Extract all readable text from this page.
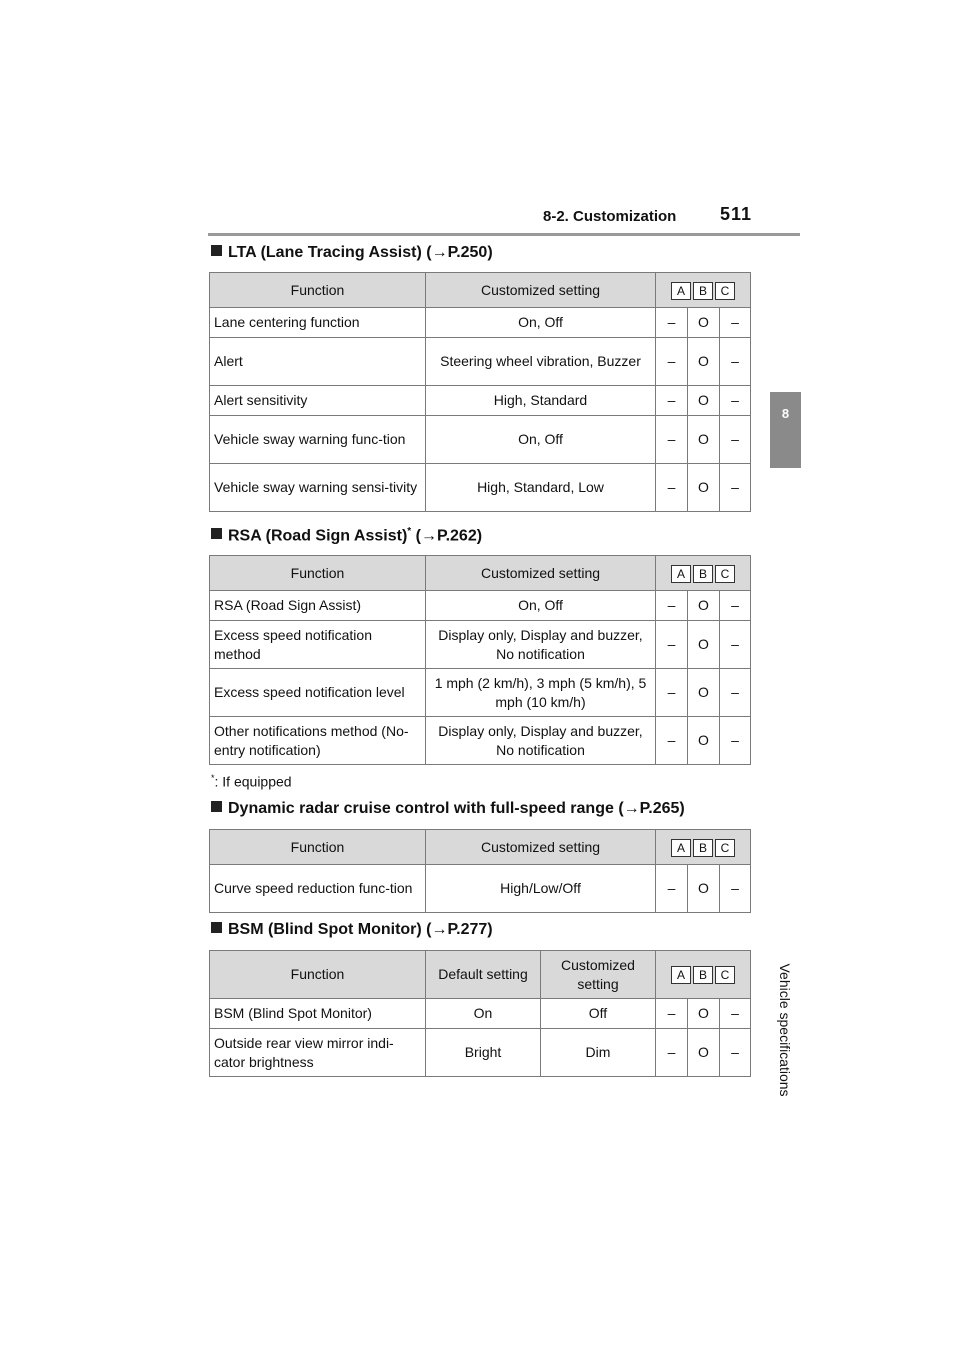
8-2. Customization 511
8
Vehicle specifications
LTA (Lane Tracing Assist) (→P.250)
Function	Customized setting	A B C		
Lane centering function	On, Off	–	O	–
Alert	Steering wheel vibration, Buzzer	–	O	–
Alert sensitivity	High, Standard	–	O	–
Vehicle sway warning func-tion	On, Off	–	O	–
Vehicle sway warning sensi-tivity	High, Standard, Low	–	O	–
RSA (Road Sign Assist)* (→P.262)
Function	Customized setting	A B C		
RSA (Road Sign Assist)	On, Off	–	O	–
Excess speed notification method	Display only, Display and buzzer, No notification	–	O	–
Excess speed notification level	1 mph (2 km/h), 3 mph (5 km/h), 5 mph (10 km/h)	–	O	–
Other notifications method (No-entry notification)	Display only, Display and buzzer, No notification	–	O	–
*: If equipped
Dynamic radar cruise control with full-speed range (→P.265)
Function	Customized setting	A B C		
Curve speed reduction func-tion	High/Low/Off	–	O	–
BSM (Blind Spot Monitor) (→P.277)
Function	Default setting	Customized setting	A B C		
BSM (Blind Spot Monitor)	On	Off	–	O	–
Outside rear view mirror indi-cator brightness	Bright	Dim	–	O	–
